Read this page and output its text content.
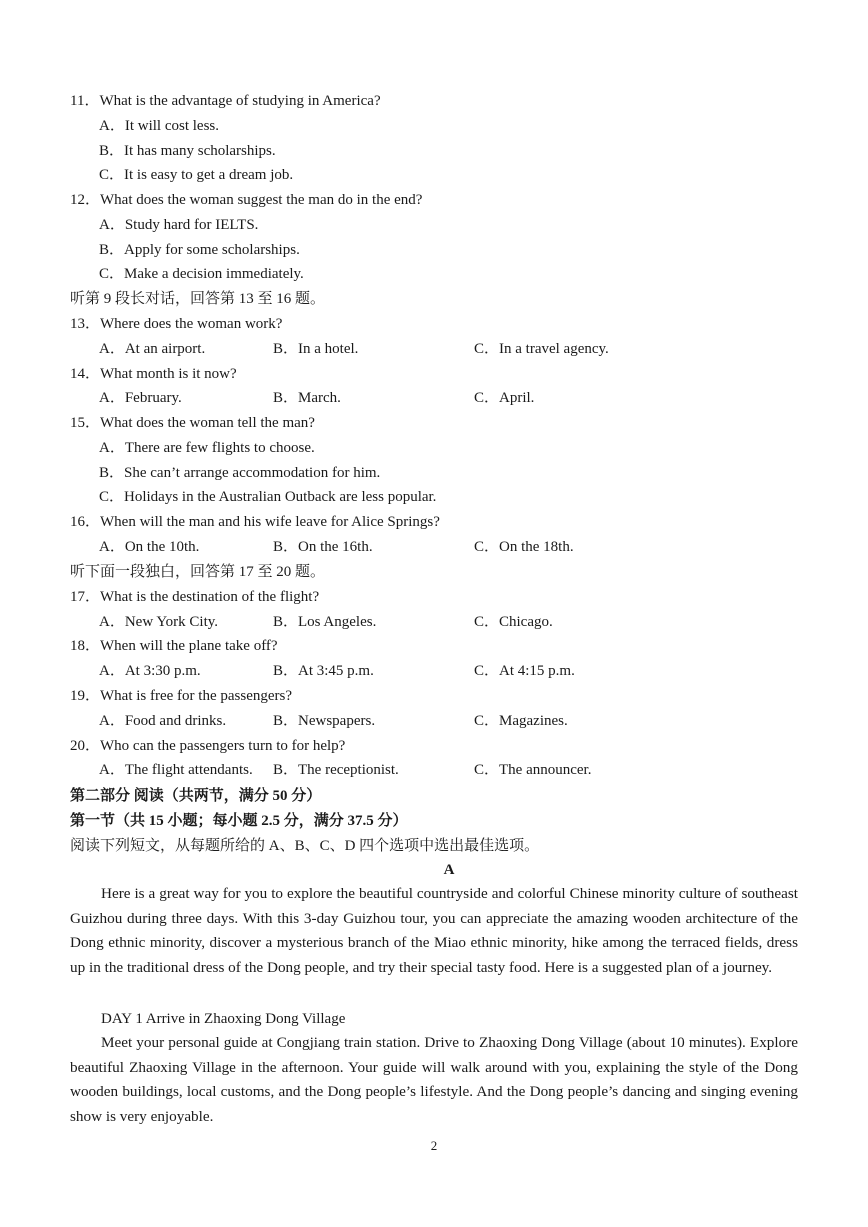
11．What is the advantage of studying in America?
A．It will cost less.
B．It has many scholarships.
C．It is easy to get a dream job.
12．What does the woman suggest the man do in the end?
A．Study hard for IELTS.
B．Apply for some scholarships.
C．Make a decision immediately.
听第 9 段长对话，回答第 13 至 16 题。
13．Where does the woman work?
A．At an airport.	B．In a hotel.	C．In a travel agency.
14．What month is it now?
A．February.	B．March.	C．April.
15．What does the woman tell the man?
A．There are few flights to choose.
B．She can’t arrange accommodation for him.
C．Holidays in the Australian Outback are less popular.
16．When will the man and his wife leave for Alice Springs?
A．On the 10th.	B．On the 16th.	C．On the 18th.
听下面一段独白，回答第 17 至 20 题。
17．What is the destination of the flight?
A．New York City.	B．Los Angeles.	C．Chicago.
18．When will the plane take off?
A．At 3:30 p.m.	B．At 3:45 p.m.	C．At 4:15 p.m.
19．What is free for the passengers?
A．Food and drinks.	B．Newspapers.	C．Magazines.
20．Who can the passengers turn to for help?
A．The flight attendants. B．The receptionist.	C．The announcer.
第二部分 阅读（共两节，满分 50 分）
第一节（共 15 小题；每小题 2.5 分，满分 37.5 分）
阅读下列短文，从每题所给的 A、B、C、D 四个选项中选出最佳选项。
A
Here is a great way for you to explore the beautiful countryside and colorful Chinese minority culture of southeast Guizhou during three days. With this 3-day Guizhou tour, you can appreciate the amazing wooden architecture of the Dong ethnic minority, discover a mysterious branch of the Miao ethnic minority, hike among the terraced fields, dress up in the traditional dress of the Dong people, and try their special tasty food. Here is a suggested plan of a journey.
DAY 1 Arrive in Zhaoxing Dong Village
Meet your personal guide at Congjiang train station. Drive to Zhaoxing Dong Village (about 10 minutes). Explore beautiful Zhaoxing Village in the afternoon. Your guide will walk around with you, explaining the style of the Dong wooden buildings, local customs, and the Dong people’s lifestyle. And the Dong people’s dancing and singing evening show is very enjoyable.
2
